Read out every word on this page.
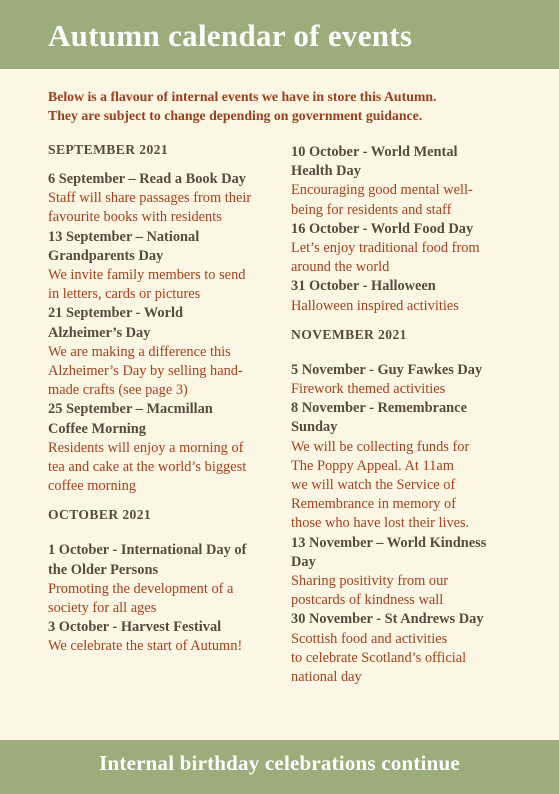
Autumn calendar of events
Below is a flavour of internal events we have in store this Autumn.
They are subject to change depending on government guidance.
SEPTEMBER 2021
6 September – Read a Book Day
Staff will share passages from their
favourite books with residents
13 September – National
Grandparents Day
We invite family members to send
in letters, cards or pictures
21 September - World
Alzheimer’s Day
We are making a difference this
Alzheimer’s Day by selling hand-
made crafts (see page 3)
25 September – Macmillan
Coffee Morning
Residents will enjoy a morning of
tea and cake at the world’s biggest
coffee morning
OCTOBER 2021
1 October - International Day of
the Older Persons
Promoting the development of a
society for all ages
3 October - Harvest Festival
We celebrate the start of Autumn!
10 October - World Mental
Health Day
Encouraging good mental well-
being for residents and staff
16 October - World Food Day
Let’s enjoy traditional food from
around the world
31 October - Halloween
Halloween inspired activities
NOVEMBER 2021
5 November - Guy Fawkes Day
Firework themed activities
8 November - Remembrance
Sunday
We will be collecting funds for
The Poppy Appeal. At 11am
we will watch the Service of
Remembrance in memory of
those who have lost their lives.
13 November – World Kindness
Day
Sharing positivity from our
postcards of kindness wall
30 November - St Andrews Day
Scottish food and activities
to celebrate Scotland’s official
national day

Internal birthday celebrations continue
